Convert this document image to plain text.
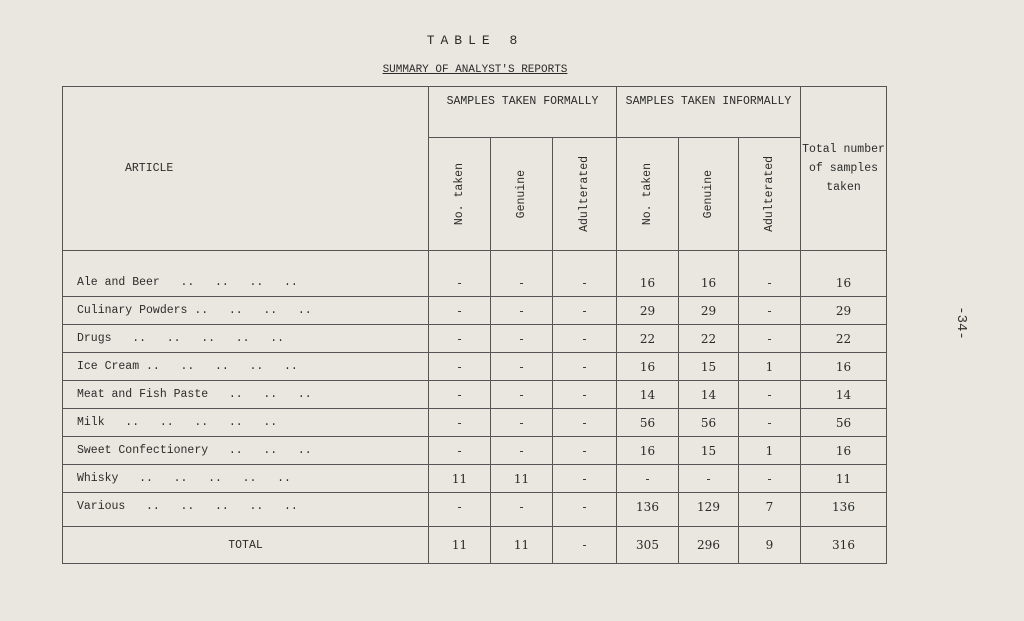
-34-
TABLE 8
SUMMARY OF ANALYST'S REPORTS
ARTICLE	SAMPLES TAKEN FORMALLY			SAMPLES TAKEN INFORMALLY			Total number of samples taken

	No. taken	Genuine	Adulterated	No. taken	Genuine	Adulterated	

Ale and Beer   ..   ..   ..   ..	-	-	-	16	16	-	16
Culinary Powders ..   ..   ..   ..	-	-	-	29	29	-	29
Drugs   ..   ..   ..   ..   ..	-	-	-	22	22	-	22
Ice Cream ..   ..   ..   ..   ..	-	-	-	16	15	1	16
Meat and Fish Paste   ..   ..   ..	-	-	-	14	14	-	14
Milk   ..   ..   ..   ..   ..	-	-	-	56	56	-	56
Sweet Confectionery   ..   ..   ..	-	-	-	16	15	1	16
Whisky   ..   ..   ..   ..   ..	11	11	-	-	-	-	11
Various   ..   ..   ..   ..   ..	-	-	-	136	129	7	136
TOTAL	11	11	-	305	296	9	316
